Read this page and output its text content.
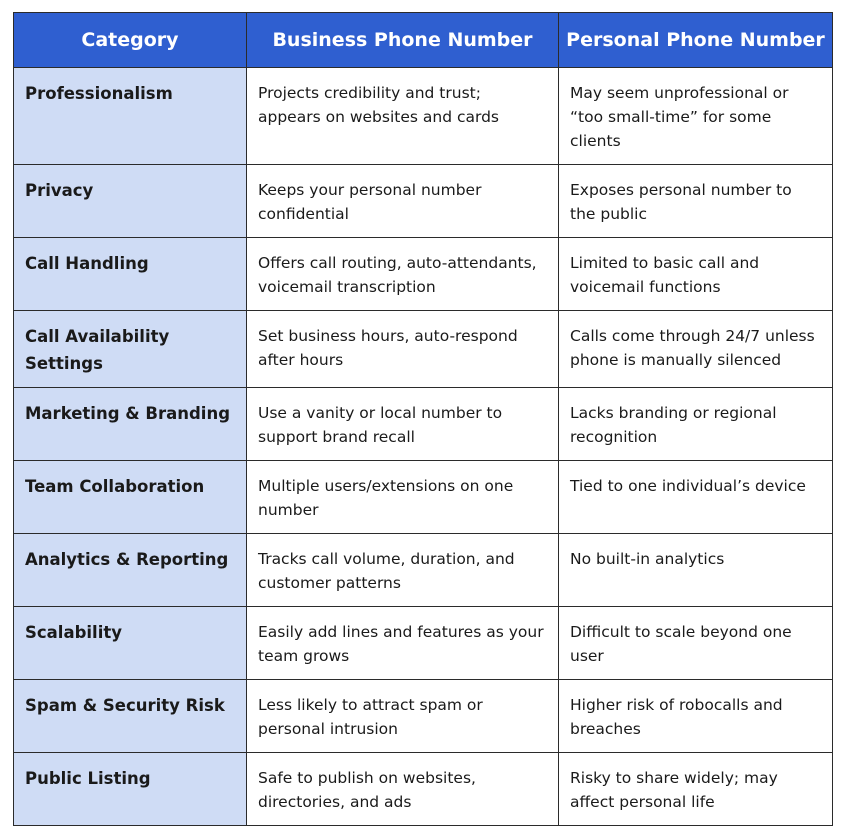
Category	Business Phone Number	Personal Phone Number
Professionalism	Projects credibility and trust; appears on websites and cards	May seem unprofessional or “too small-time” for some clients
Privacy	Keeps your personal number confidential	Exposes personal number to the public
Call Handling	Offers call routing, auto-attendants, voicemail transcription	Limited to basic call and voicemail functions
Call Availability Settings	Set business hours, auto-respond after hours	Calls come through 24/7 unless phone is manually silenced
Marketing & Branding	Use a vanity or local number to support brand recall	Lacks branding or regional recognition
Team Collaboration	Multiple users/extensions on one number	Tied to one individual’s device
Analytics & Reporting	Tracks call volume, duration, and customer patterns	No built-in analytics
Scalability	Easily add lines and features as your team grows	Difficult to scale beyond one user
Spam & Security Risk	Less likely to attract spam or personal intrusion	Higher risk of robocalls and breaches
Public Listing	Safe to publish on websites, directories, and ads	Risky to share widely; may affect personal life
